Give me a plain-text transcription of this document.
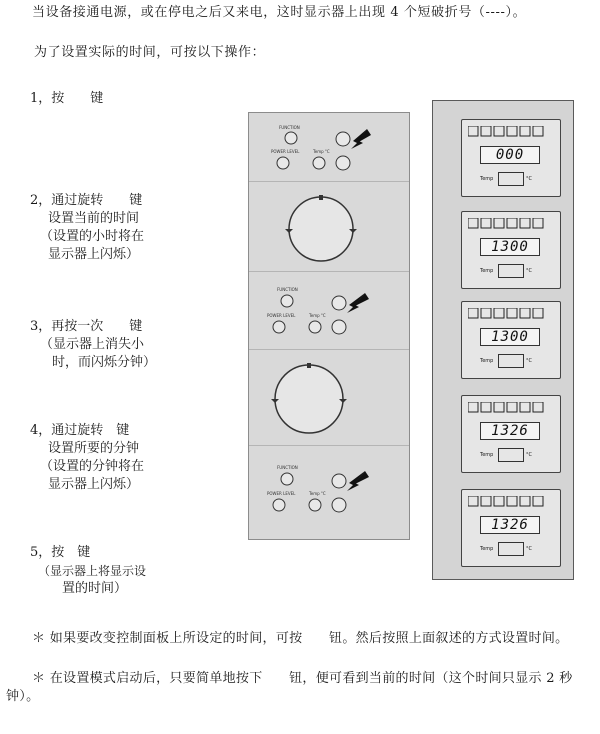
当设备接通电源，或在停电之后又来电，这时显示器上出现 4 个短破折号（----）。
为了设置实际的时间，可按以下操作：
1，按　　键
2，通过旋转　　键
设置当前的时间
（设置的小时将在
显示器上闪烁）
3，再按一次　　键
（显示器上消失小
时，而闪烁分钟）
4，通过旋转　键
设置所要的分钟
（设置的分钟将在
显示器上闪烁）
5，按　键
（显示器上将显示设
置的时间）
FUNCTION
POWER LEVEL	Temp °C
FUNCTION
POWER LEVEL	Temp °C
FUNCTION
POWER LEVEL	Temp °C
000
Temp	°C
1300
Temp	°C
1300
Temp	°C
1326
Temp	°C
1326
Temp	°C
＊ 如果要改变控制面板上所设定的时间，可按　　钮。然后按照上面叙述的方式设置时间。
＊ 在设置模式启动后，只要简单地按下　　钮，便可看到当前的时间（这个时间只显示 2 秒钟）。
